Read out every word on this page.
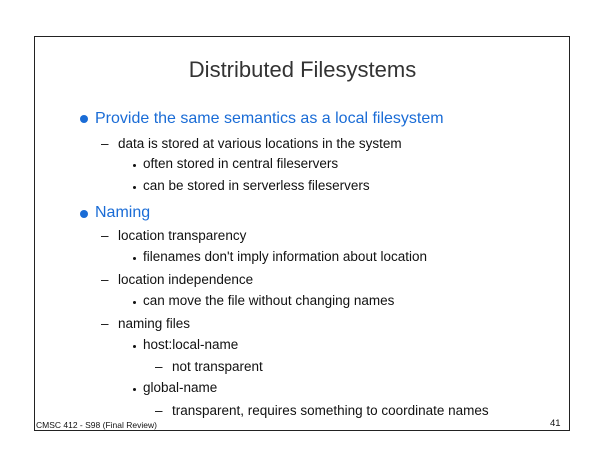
Distributed Filesystems
Provide the same semantics as a local filesystem
– data is stored at various locations in the system
often stored in central fileservers
can be stored in serverless fileservers
Naming
– location transparency
filenames don't imply information about location
– location independence
can move the file without changing names
– naming files
host:local-name
– not transparent
global-name
– transparent, requires something to coordinate names
CMSC 412 - S98 (Final Review)	41
